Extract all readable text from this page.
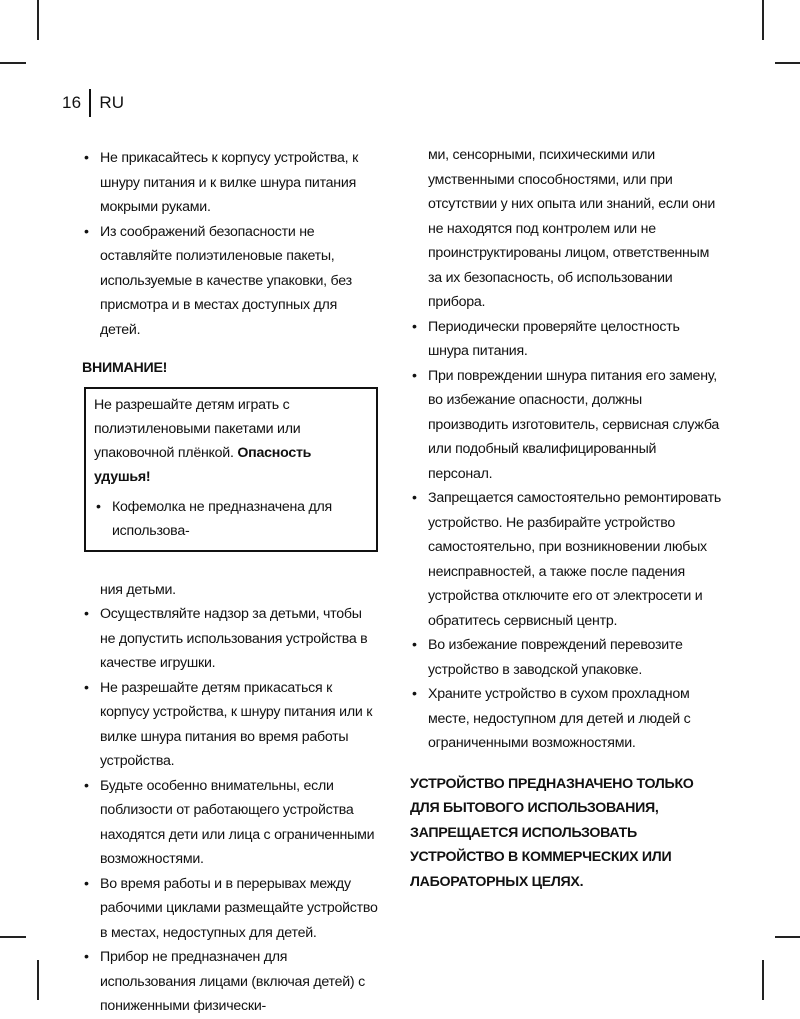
16	RU
• Не прикасайтесь к корпусу устройства, к шнуру питания и к вилке шнура питания мокрыми руками.
• Из соображений безопасности не оставляйте полиэтиленовые пакеты, используемые в качестве упаковки, без присмотра и в местах доступных для детей.
ВНИМАНИЕ!
Не разрешайте детям играть с полиэтиленовыми пакетами или упаковочной плёнкой. Опасность удушья!
• Кофемолка не предназначена для использова-
ния детьми.
• Осуществляйте надзор за детьми, чтобы не допустить использования устройства в качестве игрушки.
• Не разрешайте детям прикасаться к корпусу устройства, к шнуру питания или к вилке шнура питания во время работы устройства.
• Будьте особенно внимательны, если поблизости от работающего устройства находятся дети или лица с ограниченными возможностями.
• Во время работы и в перерывах между рабочими циклами размещайте устройство в местах, недоступных для детей.
• Прибор не предназначен для использования лицами (включая детей) с пониженными физически-
ми, сенсорными, психическими или умственными способностями, или при отсутствии у них опыта или знаний, если они не находятся под контролем или не проинструктированы лицом, ответственным за их безопасность, об использовании прибора.
• Периодически проверяйте целостность шнура питания.
• При повреждении шнура питания его замену, во избежание опасности, должны производить изготовитель, сервисная служба или подобный квалифицированный персонал.
• Запрещается самостоятельно ремонтировать устройство. Не разбирайте устройство самостоятельно, при возникновении любых неисправностей, а также после падения устройства отключите его от электросети и обратитесь сервисный центр.
• Во избежание повреждений перевозите устройство в заводской упаковке.
• Храните устройство в сухом прохладном месте, недоступном для детей и людей с ограниченными возможностями.
УСТРОЙСТВО ПРЕДНАЗНАЧЕНО ТОЛЬКО ДЛЯ БЫТОВОГО ИСПОЛЬЗОВАНИЯ, ЗАПРЕЩАЕТСЯ ИСПОЛЬЗОВАТЬ УСТРОЙСТВО В КОММЕРЧЕСКИХ ИЛИ ЛАБОРАТОРНЫХ ЦЕЛЯХ.
